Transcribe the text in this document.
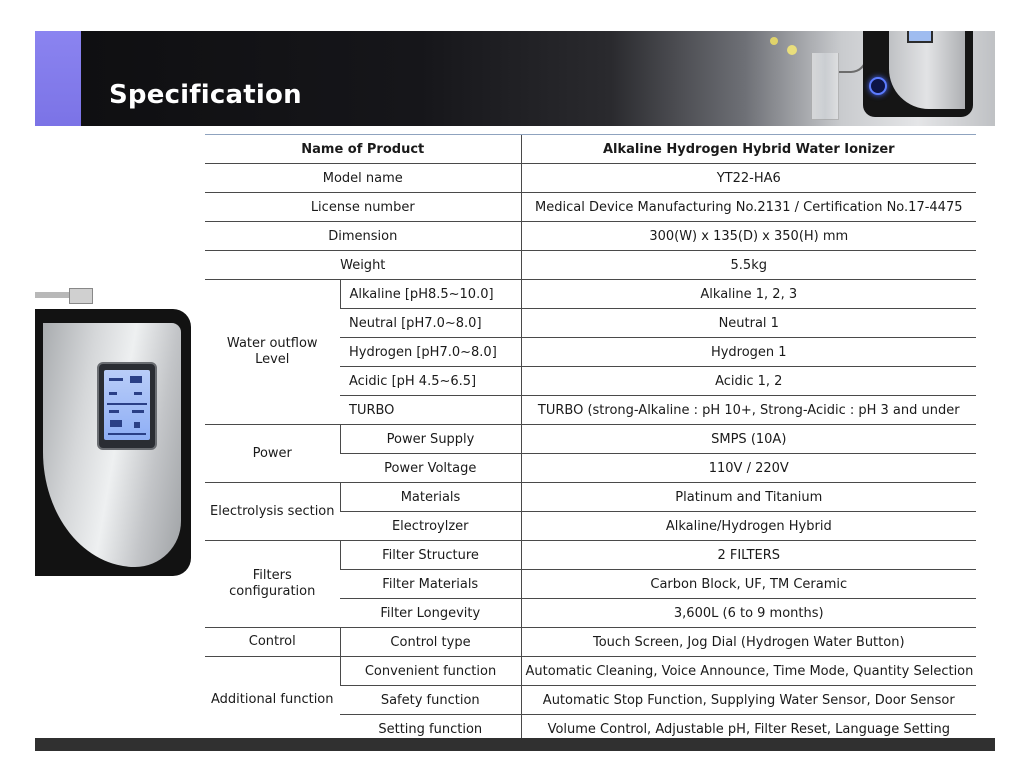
Specification
Name of Product		Alkaline Hydrogen Hybrid Water Ionizer
Model name		YT22-HA6
License number		Medical Device Manufacturing No.2131 / Certification No.17-4475
Dimension		300(W) x 135(D) x 350(H) mm
Weight		5.5kg
Water outflow Level	Alkaline [pH8.5~10.0]	Alkaline 1, 2, 3
	Neutral [pH7.0~8.0]	Neutral 1
	Hydrogen [pH7.0~8.0]	Hydrogen 1
	Acidic [pH 4.5~6.5]	Acidic 1, 2
	TURBO	TURBO (strong-Alkaline : pH 10+, Strong-Acidic : pH 3 and under
Power	Power Supply	SMPS (10A)
	Power Voltage	110V / 220V
Electrolysis section	Materials	Platinum and Titanium
	Electroylzer	Alkaline/Hydrogen Hybrid
Filters configuration	Filter Structure	2 FILTERS
	Filter Materials	Carbon Block, UF, TM Ceramic
	Filter Longevity	3,600L (6 to 9 months)
Control	Control type	Touch Screen, Jog Dial (Hydrogen Water Button)
Additional function	Convenient function	Automatic Cleaning, Voice Announce, Time Mode, Quantity Selection
	Safety function	Automatic Stop Function, Supplying Water Sensor, Door Sensor
	Setting function	Volume Control, Adjustable pH, Filter Reset, Language Setting
